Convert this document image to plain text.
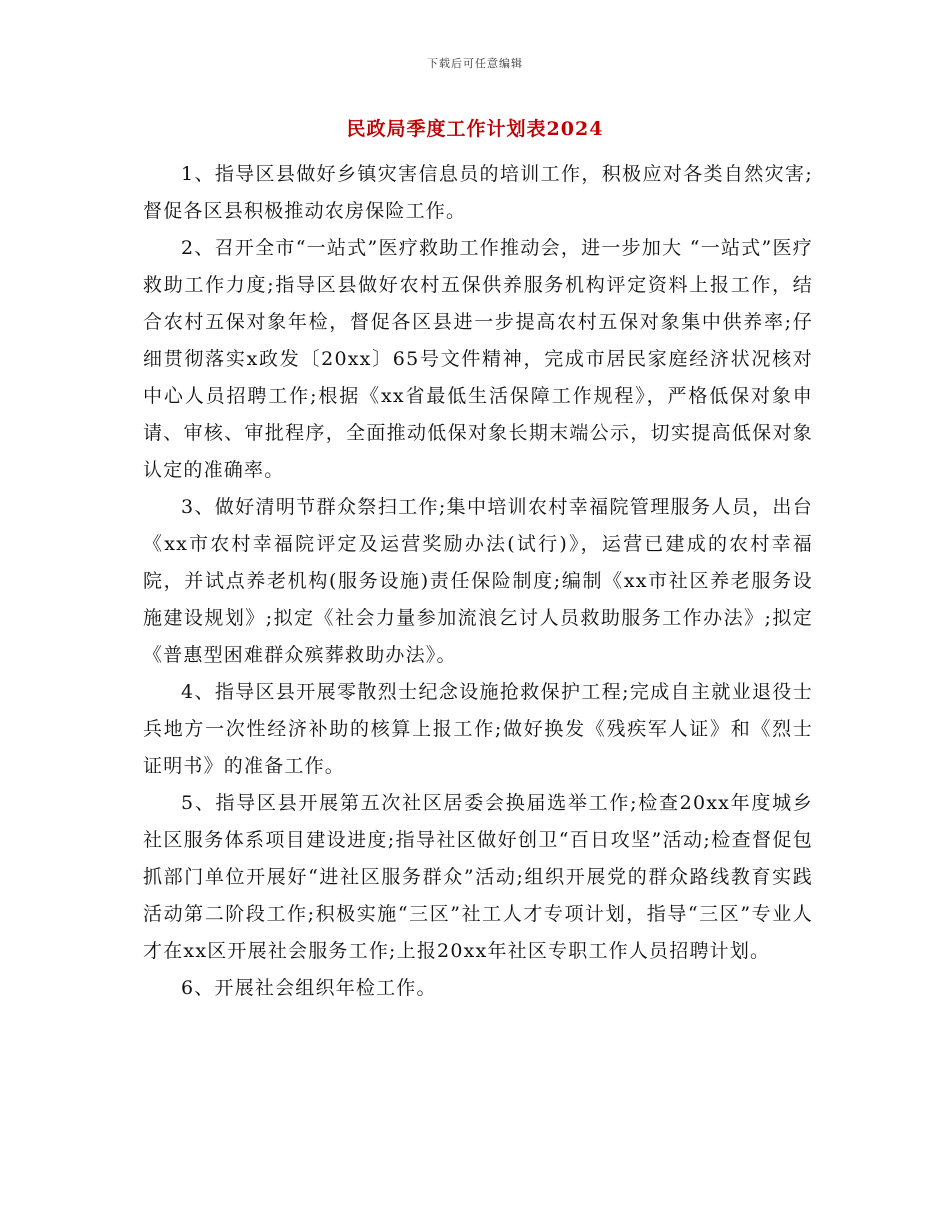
下载后可任意编辑
民政局季度工作计划表2024

1、指导区县做好乡镇灾害信息员的培训工作，积极应对各类自然灾害;督促各区县积极推动农房保险工作。

2、召开全市“一站式”医疗救助工作推动会，进一步加大 “一站式”医疗救助工作力度;指导区县做好农村五保供养服务机构评定资料上报工作，结合农村五保对象年检，督促各区县进一步提高农村五保对象集中供养率;仔细贯彻落实x政发〔20xx〕65号文件精神，完成市居民家庭经济状况核对中心人员招聘工作;根据《xx省最低生活保障工作规程》，严格低保对象申请、审核、审批程序，全面推动低保对象长期末端公示，切实提高低保对象认定的准确率。

3、做好清明节群众祭扫工作;集中培训农村幸福院管理服务人员，出台《xx市农村幸福院评定及运营奖励办法(试行)》，运营已建成的农村幸福院，并试点养老机构(服务设施)责任保险制度;编制《xx市社区养老服务设施建设规划》;拟定《社会力量参加流浪乞讨人员救助服务工作办法》;拟定《普惠型困难群众殡葬救助办法》。

4、指导区县开展零散烈士纪念设施抢救保护工程;完成自主就业退役士兵地方一次性经济补助的核算上报工作;做好换发《残疾军人证》和《烈士证明书》的准备工作。

5、指导区县开展第五次社区居委会换届选举工作;检查20xx年度城乡社区服务体系项目建设进度;指导社区做好创卫“百日攻坚”活动;检查督促包抓部门单位开展好“进社区服务群众”活动;组织开展党的群众路线教育实践活动第二阶段工作;积极实施“三区”社工人才专项计划，指导“三区”专业人才在xx区开展社会服务工作;上报20xx年社区专职工作人员招聘计划。

6、开展社会组织年检工作。
